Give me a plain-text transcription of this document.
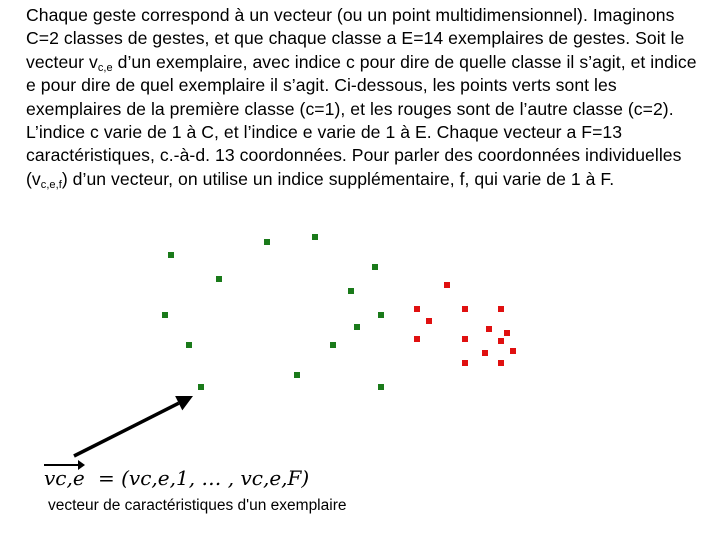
Chaque geste correspond à un vecteur (ou un point multidimensionnel). Imaginons C=2 classes de gestes, et que chaque classe a E=14 exemplaires de gestes. Soit le vecteur $v_{c,e}$ d’un exemplaire, avec indice c pour dire de quelle classe il s’agit, et indice e pour dire de quel exemplaire il s’agit. Ci-dessous, les points verts sont les exemplaires de la première classe (c=1), et les rouges sont de l’autre classe (c=2). L’indice c varie de 1 à C, et l’indice e varie de 1 à E. Chaque vecteur a F=13 caractéristiques, c.-à-d. 13 coordonnées. Pour parler des coordonnées individuelles $(v_{c,e,f})$ d’un vecteur, on utilise un indice supplémentaire, f, qui varie de 1 à F.
vc,e = (vc,e,1, … , vc,e,F)
vecteur de caractéristiques d'un exemplaire
